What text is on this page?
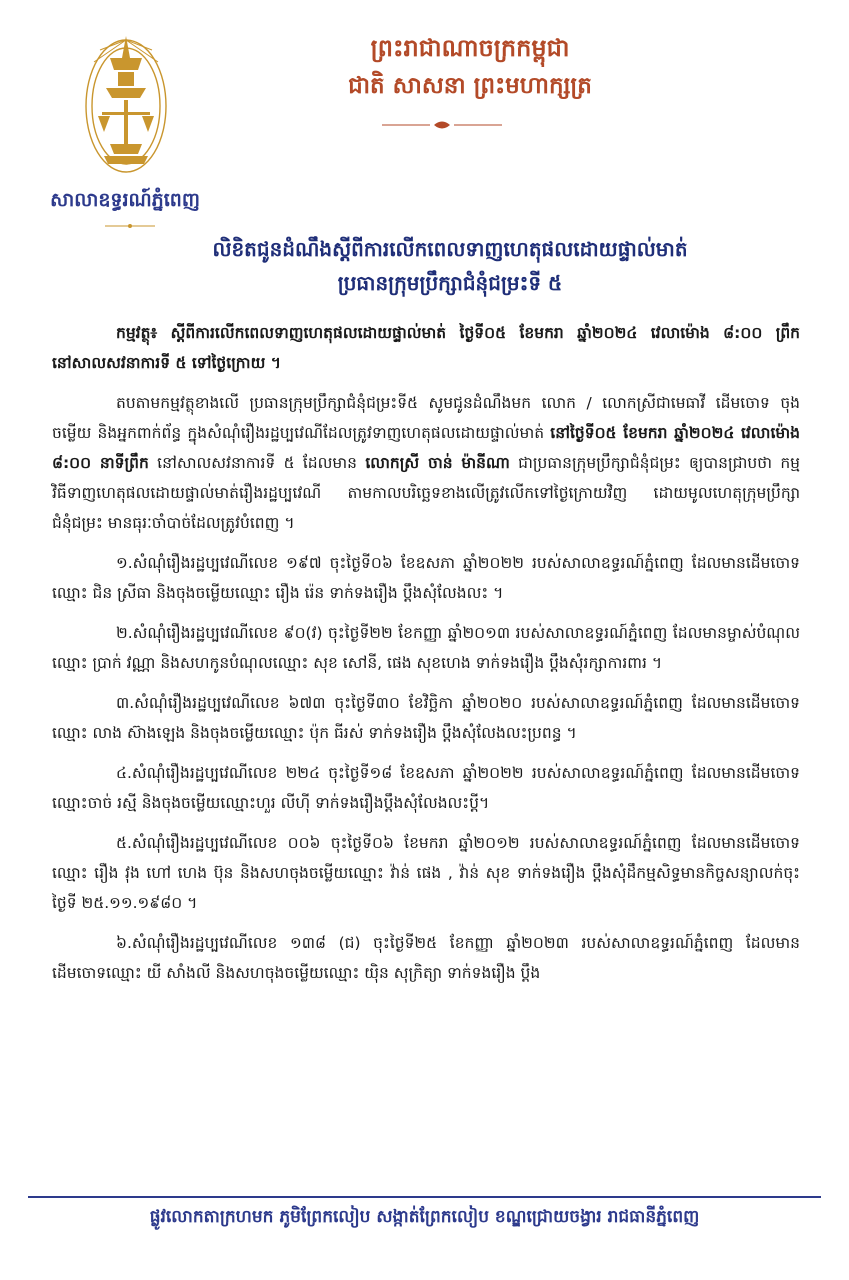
សាលាឧទ្ធរណ៍ភ្នំពេញ
ព្រះរាជាណាចក្រកម្ពុជា
ជាតិ សាសនា ព្រះមហាក្សត្រ
លិខិតជូនដំណឹងស្តីពីការលើកពេលទាញហេតុផលដោយផ្ទាល់មាត់
ប្រធានក្រុមប្រឹក្សាជំនុំជម្រះទី ៥

កម្មវត្ថុ៖ ស្តីពីការលើកពេលទាញហេតុផលដោយផ្ទាល់មាត់ ថ្ងៃទី០៥ ខែមករា ឆ្នាំ២០២៤ វេលាម៉ោង ៨:០០ ព្រឹក នៅសាលសវនាការទី ៥ ទៅថ្ងៃក្រោយ ។

តបតាមកម្មវត្ថុខាងលើ ប្រធានក្រុមប្រឹក្សាជំនុំជម្រះទី៥ សូមជូនដំណឹងមក លោក / លោកស្រីជាមេធាវី ដើមចោទ ចុងចម្លើយ និងអ្នកពាក់ព័ន្ធ ក្នុងសំណុំរឿងរដ្ឋប្បវេណីដែលត្រូវទាញហេតុផលដោយផ្ទាល់មាត់ នៅថ្ងៃទី០៥ ខែមករា ឆ្នាំ២០២៤ វេលាម៉ោង ៨:០០ នាទីព្រឹក នៅសាលសវនាការទី ៥ ដែលមាន លោកស្រី ចាន់ ម៉ានីណា ជាប្រធានក្រុមប្រឹក្សាជំនុំជម្រះ ឲ្យបានជ្រាបថា កម្មវិធីទាញហេតុផលដោយផ្ទាល់មាត់រឿងរដ្ឋប្បវេណី តាមកាលបរិច្ឆេទខាងលើត្រូវលើកទៅថ្ងៃក្រោយវិញ ដោយមូលហេតុក្រុមប្រឹក្សាជំនុំជម្រះ មានធុរៈចាំបាច់ដែលត្រូវបំពេញ ។

១.សំណុំរឿងរដ្ឋប្បវេណីលេខ ១៩៧ ចុះថ្ងៃទី០៦ ខែឧសភា ឆ្នាំ២០២២ របស់សាលាឧទ្ធរណ៍ភ្នំពេញ ដែលមានដើមចោទឈ្មោះ ជិន ស្រីធា និងចុងចម្លើយឈ្មោះ រឿង រ៉េន ទាក់ទងរឿង ប្តឹងសុំលែងលះ ។

២.សំណុំរឿងរដ្ឋប្បវេណីលេខ ៩០(វ) ចុះថ្ងៃទី២២ ខែកញ្ញា ឆ្នាំ២០១៣ របស់សាលាឧទ្ធរណ៍ភ្នំពេញ ដែលមានម្ចាស់បំណុលឈ្មោះ ប្រាក់ វណ្ណា និងសហកូនបំណុលឈ្មោះ សុខ សៅនី, ផេង សុខហេង ទាក់ទងរឿង ប្តឹងសុំរក្សាការពារ ។

៣.សំណុំរឿងរដ្ឋប្បវេណីលេខ ៦៧៣ ចុះថ្ងៃទី៣០ ខែវិច្ឆិកា ឆ្នាំ២០២០ របស់សាលាឧទ្ធរណ៍ភ្នំពេញ ដែលមានដើមចោទឈ្មោះ លាង ស៊ាងឡេង និងចុងចម្លើយឈ្មោះ ប៉ុក ធីរស់ ទាក់ទងរឿង ប្តឹងសុំលែងលះប្រពន្ធ ។

៤.សំណុំរឿងរដ្ឋប្បវេណីលេខ ២២៤ ចុះថ្ងៃទី១៨ ខែឧសភា ឆ្នាំ២០២២ របស់សាលាឧទ្ធរណ៍ភ្នំពេញ ដែលមានដើមចោទឈ្មោះចាច់ រស្មី និងចុងចម្លើយឈ្មោះហួរ លីហ៊ី ទាក់ទងរឿងប្តឹងសុំលែងលះប្តី។

៥.សំណុំរឿងរដ្ឋប្បវេណីលេខ ០០៦ ចុះថ្ងៃទី០៦ ខែមករា ឆ្នាំ២០១២ របស់សាលាឧទ្ធរណ៍ភ្នំពេញ ដែលមានដើមចោទឈ្មោះ រឿង វុង ហៅ ហេង ប៊ុន និងសហចុងចម្លើយឈ្មោះ វ៉ាន់ ផេង , វ៉ាន់ សុខ ទាក់ទងរឿង ប្តឹងសុំដឹកម្មសិទ្ធមានកិច្ចសន្យាលក់ចុះថ្ងៃទី ២៥.១១.១៩៨០ ។

៦.សំណុំរឿងរដ្ឋប្បវេណីលេខ ១៣៨ (ជ) ចុះថ្ងៃទី២៥ ខែកញ្ញា ឆ្នាំ២០២៣ របស់សាលាឧទ្ធរណ៍ភ្នំពេញ ដែលមានដើមចោទឈ្មោះ យី សាំងលី និងសហចុងចម្លើយឈ្មោះ យ៉ិន សុក្រិត្យា ទាក់ទងរឿង ប្តឹង

ផ្លូវលោកតាក្រហមក ភូមិព្រែកលៀប សង្កាត់ព្រែកលៀប ខណ្ឌជ្រោយចង្វារ រាជធានីភ្នំពេញ
